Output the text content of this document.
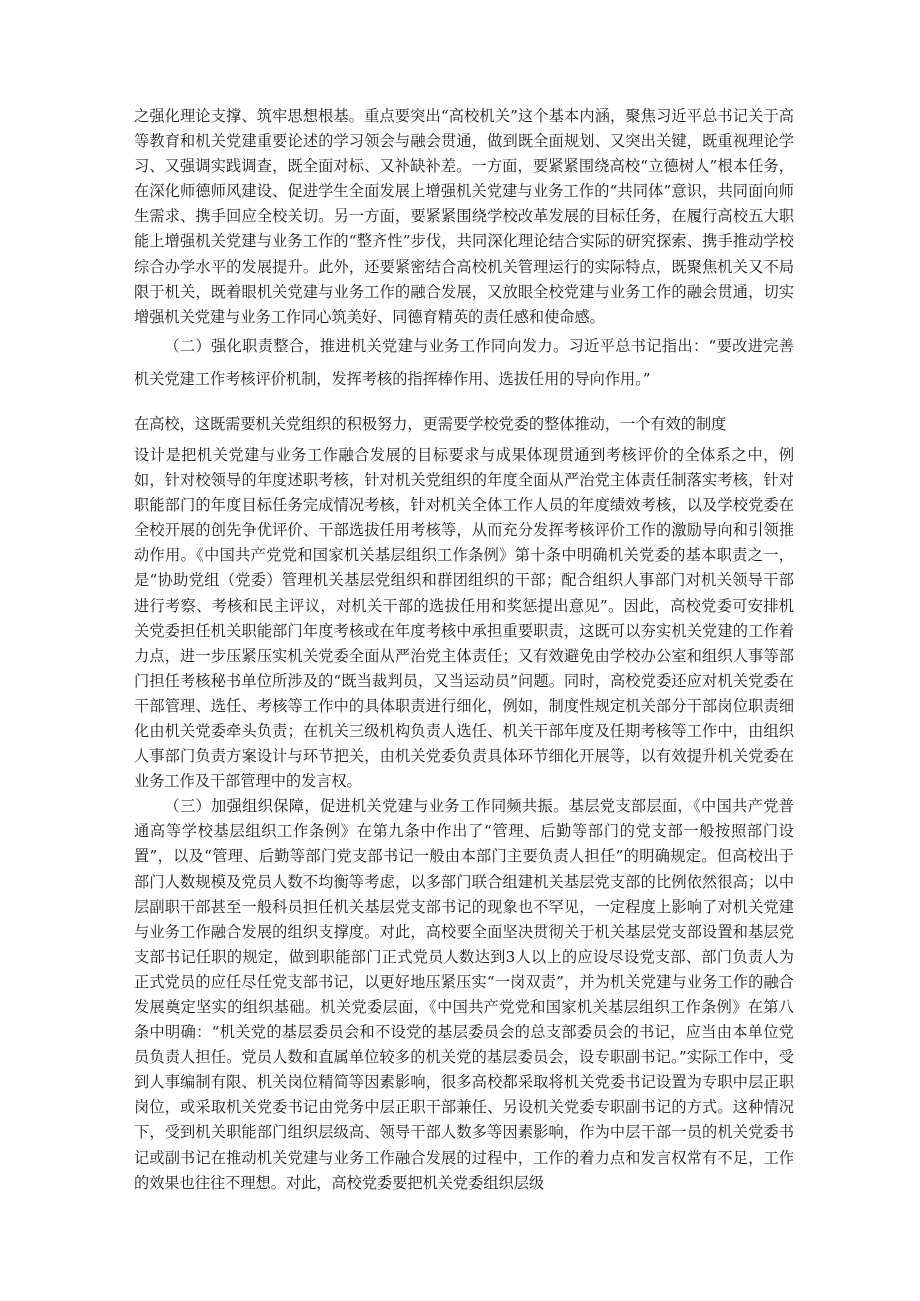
之强化理论支撑、筑牢思想根基。重点要突出“高校机关”这个基本内涵，聚焦习近平总书记关于高等教育和机关党建重要论述的学习领会与融会贯通，做到既全面规划、又突出关键，既重视理论学习、又强调实践调查，既全面对标、又补缺补差。一方面，要紧紧围绕高校“立德树人”根本任务，在深化师德师风建设、促进学生全面发展上增强机关党建与业务工作的“共同体”意识，共同面向师生需求、携手回应全校关切。另一方面，要紧紧围绕学校改革发展的目标任务，在履行高校五大职能上增强机关党建与业务工作的“整齐性”步伐，共同深化理论结合实际的研究探索、携手推动学校综合办学水平的发展提升。此外，还要紧密结合高校机关管理运行的实际特点，既聚焦机关又不局限于机关，既着眼机关党建与业务工作的融合发展，又放眼全校党建与业务工作的融会贯通，切实增强机关党建与业务工作同心筑美好、同德育精英的责任感和使命感。

（二）强化职责整合，推进机关党建与业务工作同向发力。习近平总书记指出：“要改进完善机关党建工作考核评价机制，发挥考核的指挥棒作用、选拔任用的导向作用。”

在高校，这既需要机关党组织的积极努力，更需要学校党委的整体推动，一个有效的制度

设计是把机关党建与业务工作融合发展的目标要求与成果体现贯通到考核评价的全体系之中，例如，针对校领导的年度述职考核，针对机关党组织的年度全面从严治党主体责任制落实考核，针对职能部门的年度目标任务完成情况考核，针对机关全体工作人员的年度绩效考核，以及学校党委在全校开展的创先争优评价、干部选拔任用考核等，从而充分发挥考核评价工作的激励导向和引领推动作用。《中国共产党党和国家机关基层组织工作条例》第十条中明确机关党委的基本职责之一，是“协助党组（党委）管理机关基层党组织和群团组织的干部；配合组织人事部门对机关领导干部进行考察、考核和民主评议，对机关干部的选拔任用和奖惩提出意见”。因此，高校党委可安排机关党委担任机关职能部门年度考核或在年度考核中承担重要职责，这既可以夯实机关党建的工作着力点，进一步压紧压实机关党委全面从严治党主体责任；又有效避免由学校办公室和组织人事等部门担任考核秘书单位所涉及的“既当裁判员，又当运动员”问题。同时，高校党委还应对机关党委在干部管理、选任、考核等工作中的具体职责进行细化，例如，制度性规定机关部分干部岗位职责细化由机关党委牵头负责；在机关三级机构负责人选任、机关干部年度及任期考核等工作中，由组织人事部门负责方案设计与环节把关，由机关党委负责具体环节细化开展等，以有效提升机关党委在业务工作及干部管理中的发言权。

（三）加强组织保障，促进机关党建与业务工作同频共振。基层党支部层面，《中国共产党普通高等学校基层组织工作条例》在第九条中作出了“管理、后勤等部门的党支部一般按照部门设置”，以及“管理、后勤等部门党支部书记一般由本部门主要负责人担任”的明确规定。但高校出于部门人数规模及党员人数不均衡等考虑，以多部门联合组建机关基层党支部的比例依然很高；以中层副职干部甚至一般科员担任机关基层党支部书记的现象也不罕见，一定程度上影响了对机关党建与业务工作融合发展的组织支撑度。对此，高校要全面坚决贯彻关于机关基层党支部设置和基层党支部书记任职的规定，做到职能部门正式党员人数达到3人以上的应设尽设党支部、部门负责人为正式党员的应任尽任党支部书记，以更好地压紧压实“一岗双责”，并为机关党建与业务工作的融合发展奠定坚实的组织基础。机关党委层面，《中国共产党党和国家机关基层组织工作条例》在第八条中明确：“机关党的基层委员会和不设党的基层委员会的总支部委员会的书记，应当由本单位党员负责人担任。党员人数和直属单位较多的机关党的基层委员会，设专职副书记。”实际工作中，受到人事编制有限、机关岗位精简等因素影响，很多高校都采取将机关党委书记设置为专职中层正职岗位，或采取机关党委书记由党务中层正职干部兼任、另设机关党委专职副书记的方式。这种情况下，受到机关职能部门组织层级高、领导干部人数多等因素影响，作为中层干部一员的机关党委书记或副书记在推动机关党建与业务工作融合发展的过程中，工作的着力点和发言权常有不足，工作的效果也往往不理想。对此，高校党委要把机关党委组织层级
